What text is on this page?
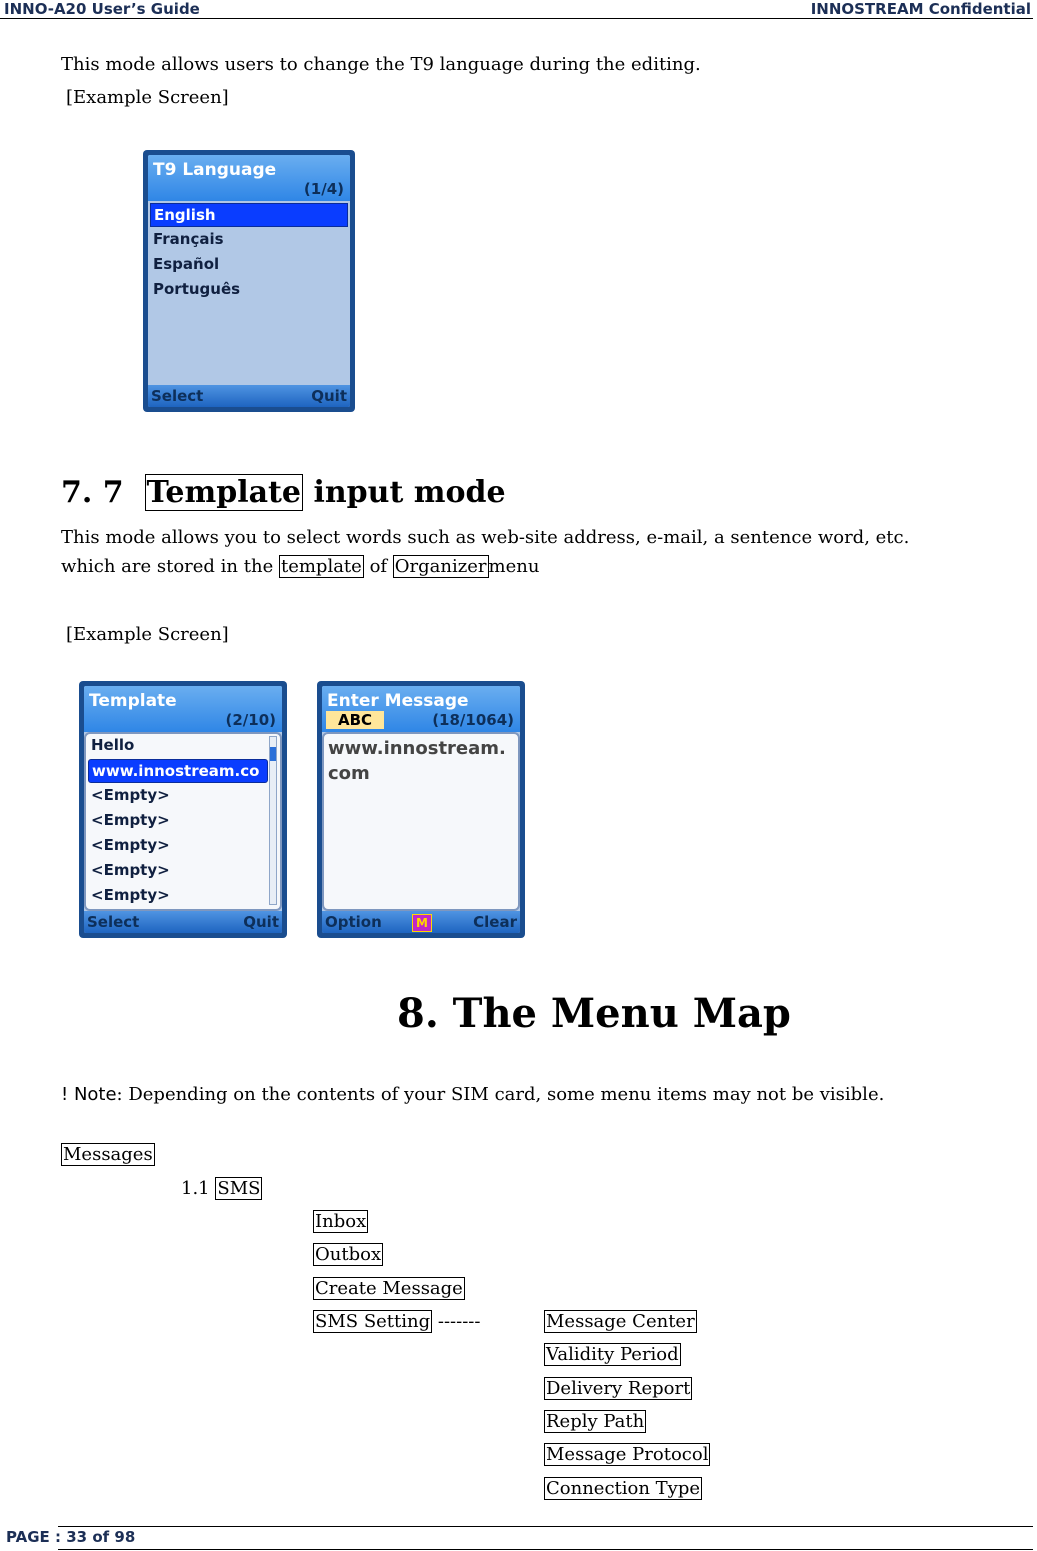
INNO-A20 User’s Guide	INNOSTREAM Confidential
This mode allows users to change the T9 language during the editing.
[Example Screen]
T9 Language
(1/4)
English
Français
Español
Português
Select	Quit
7. 7 Template input mode
This mode allows you to select words such as web-site address, e-mail, a sentence word, etc.
which are stored in the template of Organizer menu
[Example Screen]
Template
(2/10)
Hello
www.innostream.co
<Empty>
<Empty>
<Empty>
<Empty>
<Empty>
Select	Quit
Enter Message
ABC	(18/1064)
www.innostream.
com
Option	M	Clear
8. The Menu Map
! Note: Depending on the contents of your SIM card, some menu items may not be visible.
Messages
1.1 SMS
Inbox
Outbox
Create Message
SMS Setting -------	Message Center
Validity Period
Delivery Report
Reply Path
Message Protocol
Connection Type
PAGE : 33 of 98
